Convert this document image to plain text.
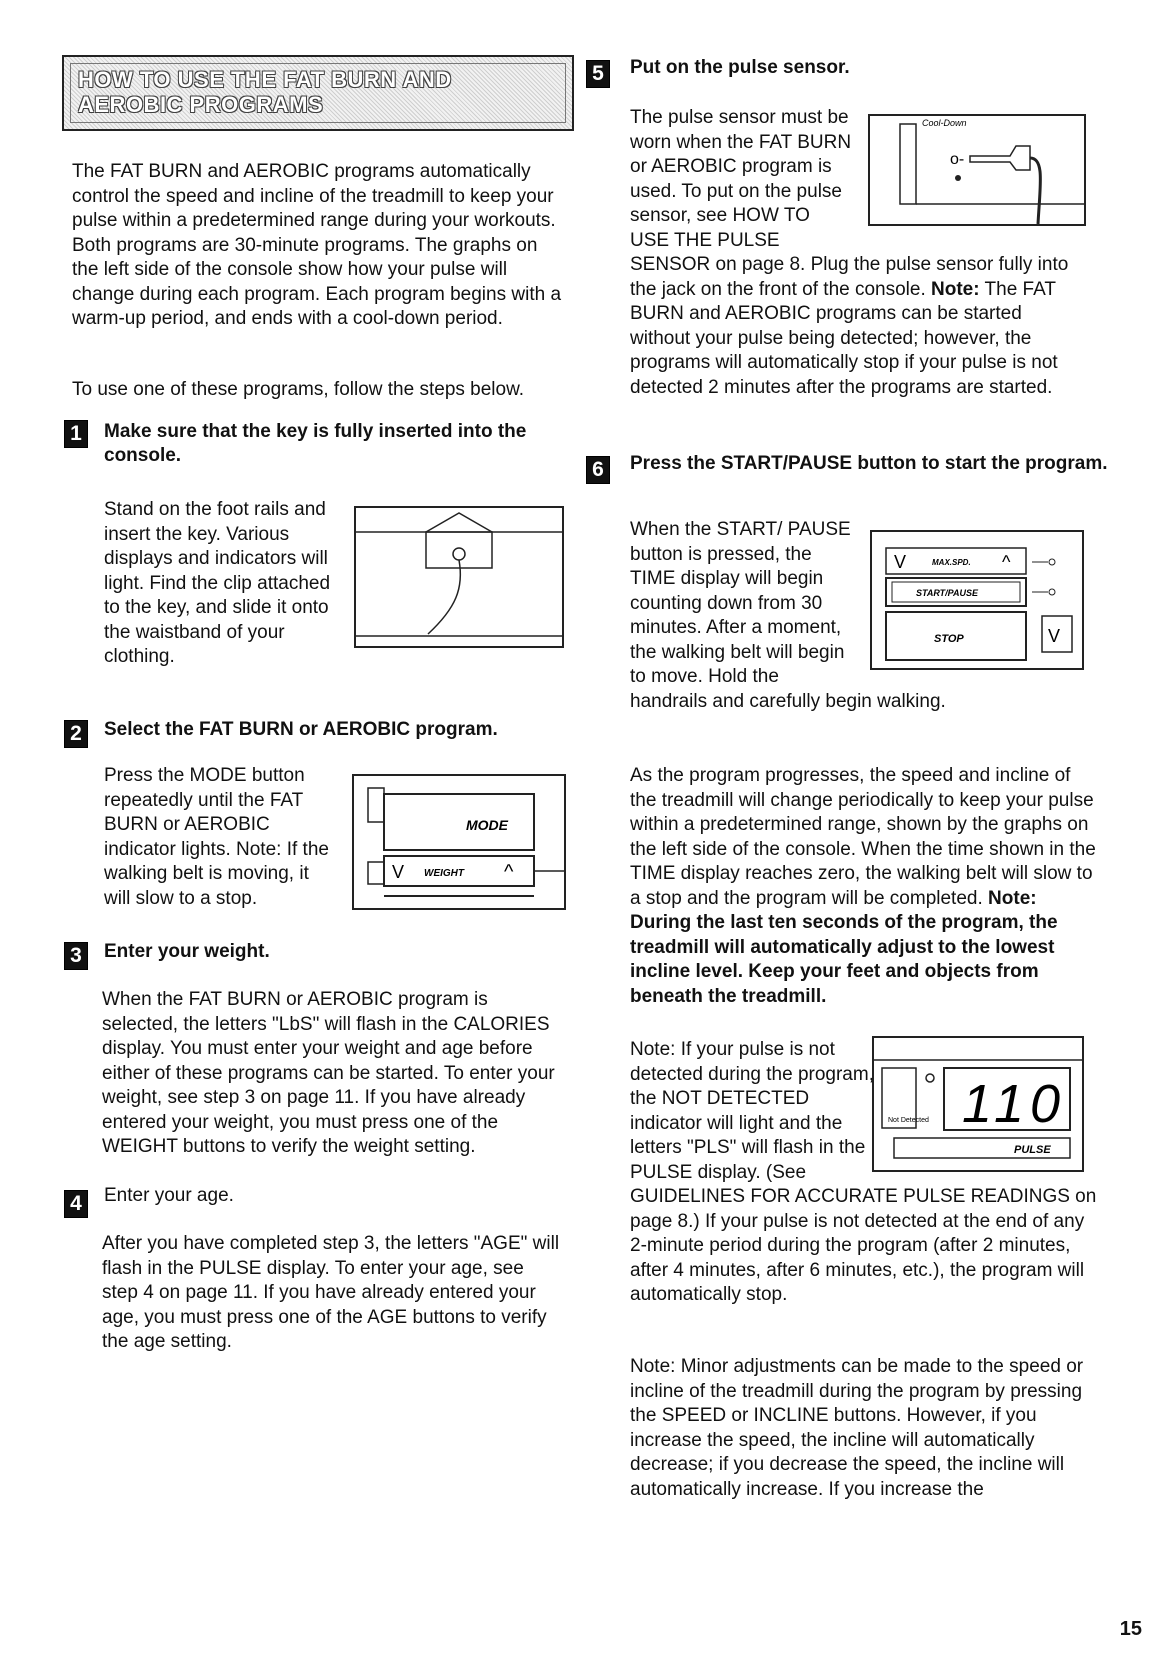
HOW TO USE THE FAT BURN AND AEROBIC PROGRAMS
The FAT BURN and AEROBIC programs automatically control the speed and incline of the treadmill to keep your pulse within a predetermined range during your workouts. Both programs are 30-minute programs. The graphs on the left side of the console show how your pulse will change during each program. Each program begins with a warm-up period, and ends with a cool-down period.
To use one of these programs, follow the steps below.
1	Make sure that the key is fully inserted into the console.
Stand on the foot rails and insert the key. Various displays and indicators will light. Find the clip attached to the key, and slide it onto the waistband of your clothing.
2	Select the FAT BURN or AEROBIC program.
Press the MODE button repeatedly until the FAT BURN or AEROBIC indicator lights. Note: If the walking belt is moving, it will slow to a stop.
MODE
V WEIGHT ^
3	Enter your weight.
When the FAT BURN or AEROBIC program is selected, the letters "LbS" will flash in the CALORIES display. You must enter your weight and age before either of these programs can be started. To enter your weight, see step 3 on page 11. If you have already entered your weight, you must press one of the WEIGHT buttons to verify the weight setting.
4	Enter your age.
After you have completed step 3, the letters "AGE" will flash in the PULSE display. To enter your age, see step 4 on page 11. If you have already entered your age, you must press one of the AGE buttons to verify the age setting.
5	Put on the pulse sensor.
Cool-Down
o-
The pulse sensor must be worn when the FAT BURN or AEROBIC program is used. To put on the pulse sensor, see HOW TO USE THE PULSE SENSOR on page 8. Plug the pulse sensor fully into the jack on the front of the console. Note: The FAT BURN and AEROBIC programs can be started without your pulse being detected; however, the programs will automatically stop if your pulse is not detected 2 minutes after the programs are started.
6	Press the START/PAUSE button to start the program.
V	MAX.SPD. ^
START/PAUSE
STOP	V
When the START/ PAUSE button is pressed, the TIME display will begin counting down from 30 minutes. After a moment, the walking belt will begin to move. Hold the handrails and carefully begin walking.
As the program progresses, the speed and incline of the treadmill will change periodically to keep your pulse within a predetermined range, shown by the graphs on the left side of the console. When the time shown in the TIME display reaches zero, the walking belt will slow to a stop and the program will be completed. Note: During the last ten seconds of the program, the treadmill will automatically adjust to the lowest incline level. Keep your feet and objects from beneath the treadmill.
Not Detected 110
PULSE
Note: If your pulse is not detected during the program, the NOT DETECTED indicator will light and the letters "PLS" will flash in the PULSE display. (See GUIDELINES FOR ACCURATE PULSE READINGS on page 8.) If your pulse is not detected at the end of any 2-minute period during the program (after 2 minutes, after 4 minutes, after 6 minutes, etc.), the program will automatically stop.
Note: Minor adjustments can be made to the speed or incline of the treadmill during the program by pressing the SPEED or INCLINE buttons. However, if you increase the speed, the incline will automatically decrease; if you decrease the speed, the incline will automatically increase. If you increase the
15
